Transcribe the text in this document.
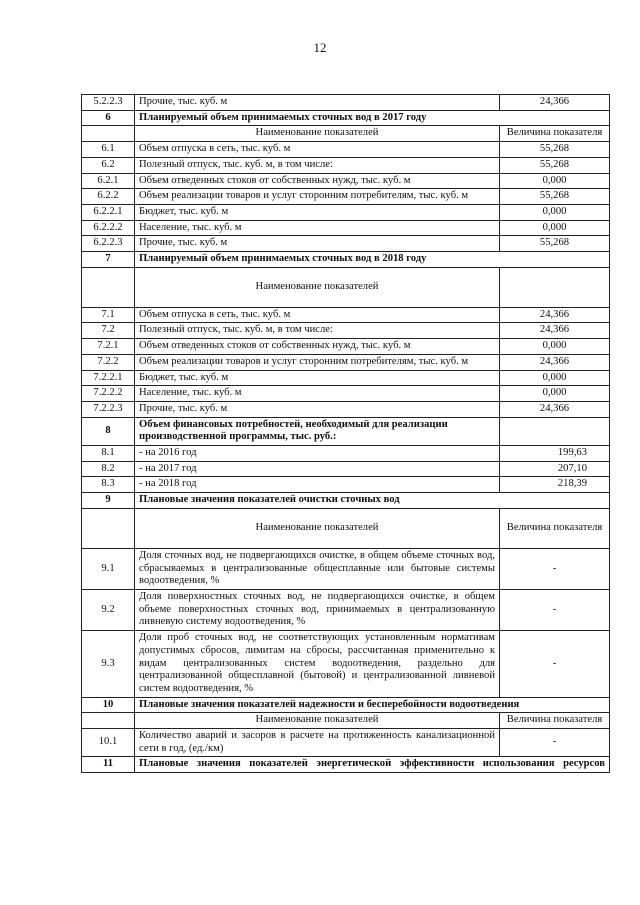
12
5.2.2.3	Прочие, тыс. куб. м	24,366
6	Планируемый объем принимаемых сточных вод в 2017 году	
	Наименование показателей	Величина показателя
6.1	Объем отпуска в сеть, тыс. куб. м	55,268
6.2	Полезный отпуск, тыс. куб. м, в том числе:	55,268
6.2.1	Объем отведенных стоков от собственных нужд, тыс. куб. м	0,000
6.2.2	Объем реализации товаров и услуг сторонним потребителям, тыс. куб. м	55,268
6.2.2.1	Бюджет, тыс. куб. м	0,000
6.2.2.2	Население, тыс. куб. м	0,000
6.2.2.3	Прочие, тыс. куб. м	55,268
7	Планируемый объем принимаемых сточных вод в 2018 году	
	Наименование показателей	
7.1	Объем отпуска в сеть, тыс. куб. м	24,366
7.2	Полезный отпуск, тыс. куб. м, в том числе:	24,366
7.2.1	Объем отведенных стоков от собственных нужд, тыс. куб. м	0,000
7.2.2	Объем реализации товаров и услуг сторонним потребителям, тыс. куб. м	24,366
7.2.2.1	Бюджет, тыс. куб. м	0,000
7.2.2.2	Население, тыс. куб. м	0,000
7.2.2.3	Прочие, тыс. куб. м	24,366
8	Объем финансовых потребностей, необходимый для реализации производственной программы, тыс. руб.:	
8.1	- на 2016 год	199,63
8.2	- на 2017 год	207,10
8.3	- на 2018 год	218,39
9	Плановые значения показателей очистки сточных вод	
	Наименование показателей	Величина показателя
9.1	Доля сточных вод, не подвергающихся очистке, в общем объеме сточных вод, сбрасываемых в централизованные общесплавные или бытовые системы водоотведения, %	-
9.2	Доля поверхностных сточных вод, не подвергающихся очистке, в общем объеме поверхностных сточных вод, принимаемых в централизованную ливневую систему водоотведения, %	-
9.3	Доля проб сточных вод, не соответствующих установленным нормативам допустимых сбросов, лимитам на сбросы, рассчитанная применительно к видам централизованных систем водоотведения, раздельно для централизованной общесплавной (бытовой) и централизованной ливневой систем водоотведения, %	-
10	Плановые значения показателей надежности и бесперебойности водоотведения	
	Наименование показателей	Величина показателя
10.1	Количество аварий и засоров в расчете на протяженность канализационной сети в год, (ед./км)	-
11	Плановые значения показателей энергетической эффективности использования ресурсов	
